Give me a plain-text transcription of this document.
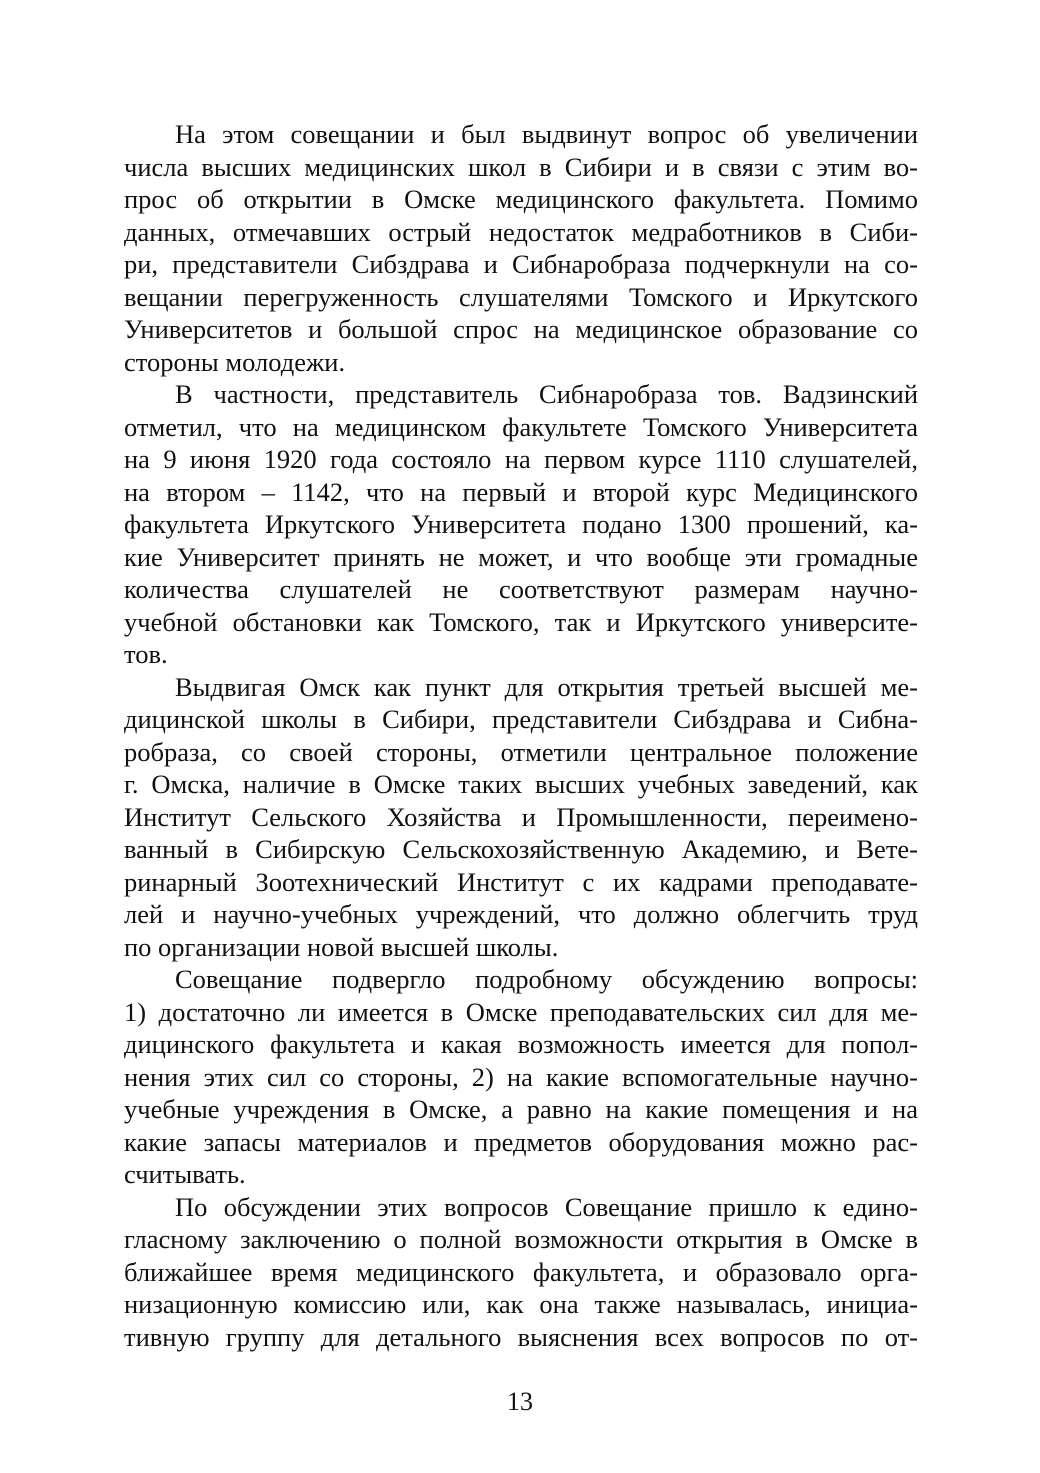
На этом совещании и был выдвинут вопрос об увеличении
числа высших медицинских школ в Сибири и в связи с этим во-
прос об открытии в Омске медицинского факультета. Помимо
данных, отмечавших острый недостаток медработников в Сиби-
ри, представители Сибздрава и Сибнаробраза подчеркнули на со-
вещании перегруженность слушателями Томского и Иркутского
Университетов и большой спрос на медицинское образование со
стороны молодежи.
В частности, представитель Сибнаробраза тов. Вадзинский
отметил, что на медицинском факультете Томского Университета
на 9 июня 1920 года состояло на первом курсе 1110 слушателей,
на втором – 1142, что на первый и второй курс Медицинского
факультета Иркутского Университета подано 1300 прошений, ка-
кие Университет принять не может, и что вообще эти громадные
количества слушателей не соответствуют размерам научно-
учебной обстановки как Томского, так и Иркутского университе-
тов.
Выдвигая Омск как пункт для открытия третьей высшей ме-
дицинской школы в Сибири, представители Сибздрава и Сибна-
робраза, со своей стороны, отметили центральное положение
г. Омска, наличие в Омске таких высших учебных заведений, как
Институт Сельского Хозяйства и Промышленности, переимено-
ванный в Сибирскую Сельскохозяйственную Академию, и Вете-
ринарный Зоотехнический Институт с их кадрами преподавате-
лей и научно-учебных учреждений, что должно облегчить труд
по организации новой высшей школы.
Совещание подвергло подробному обсуждению вопросы:
1) достаточно ли имеется в Омске преподавательских сил для ме-
дицинского факультета и какая возможность имеется для попол-
нения этих сил со стороны, 2) на какие вспомогательные научно-
учебные учреждения в Омске, а равно на какие помещения и на
какие запасы материалов и предметов оборудования можно рас-
считывать.
По обсуждении этих вопросов Совещание пришло к едино-
гласному заключению о полной возможности открытия в Омске в
ближайшее время медицинского факультета, и образовало орга-
низационную комиссию или, как она также называлась, инициа-
тивную группу для детального выяснения всех вопросов по от-
13
